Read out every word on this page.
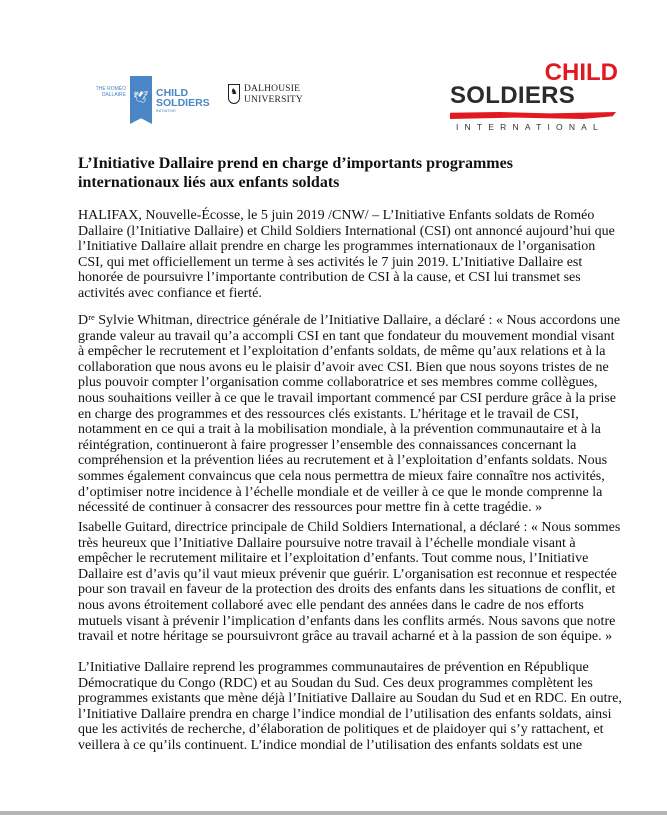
THE ROMÉO DALLAIRE 🕊 CHILD
SOLDIERS
INITIATIVE
♞ DALHOUSIE
UNIVERSITY
CHILD
SOLDIERS
INTERNATIONAL
L’Initiative Dallaire prend en charge d’importants programmes
internationaux liés aux enfants soldats
HALIFAX, Nouvelle-Écosse, le 5 juin 2019 /CNW/ – L’Initiative Enfants soldats de Roméo
Dallaire (l’Initiative Dallaire) et Child Soldiers International (CSI) ont annoncé aujourd’hui que
l’Initiative Dallaire allait prendre en charge les programmes internationaux de l’organisation
CSI, qui met officiellement un terme à ses activités le 7 juin 2019. L’Initiative Dallaire est
honorée de poursuivre l’importante contribution de CSI à la cause, et CSI lui transmet ses
activités avec confiance et fierté.
Dʳᵉ Sylvie Whitman, directrice générale de l’Initiative Dallaire, a déclaré : « Nous accordons une
grande valeur au travail qu’a accompli CSI en tant que fondateur du mouvement mondial visant
à empêcher le recrutement et l’exploitation d’enfants soldats, de même qu’aux relations et à la
collaboration que nous avons eu le plaisir d’avoir avec CSI. Bien que nous soyons tristes de ne
plus pouvoir compter l’organisation comme collaboratrice et ses membres comme collègues,
nous souhaitions veiller à ce que le travail important commencé par CSI perdure grâce à la prise
en charge des programmes et des ressources clés existants. L’héritage et le travail de CSI,
notamment en ce qui a trait à la mobilisation mondiale, à la prévention communautaire et à la
réintégration, continueront à faire progresser l’ensemble des connaissances concernant la
compréhension et la prévention liées au recrutement et à l’exploitation d’enfants soldats. Nous
sommes également convaincus que cela nous permettra de mieux faire connaître nos activités,
d’optimiser notre incidence à l’échelle mondiale et de veiller à ce que le monde comprenne la
nécessité de continuer à consacrer des ressources pour mettre fin à cette tragédie. »
Isabelle Guitard, directrice principale de Child Soldiers International, a déclaré : « Nous sommes
très heureux que l’Initiative Dallaire poursuive notre travail à l’échelle mondiale visant à
empêcher le recrutement militaire et l’exploitation d’enfants. Tout comme nous, l’Initiative
Dallaire est d’avis qu’il vaut mieux prévenir que guérir. L’organisation est reconnue et respectée
pour son travail en faveur de la protection des droits des enfants dans les situations de conflit, et
nous avons étroitement collaboré avec elle pendant des années dans le cadre de nos efforts
mutuels visant à prévenir l’implication d’enfants dans les conflits armés. Nous savons que notre
travail et notre héritage se poursuivront grâce au travail acharné et à la passion de son équipe. »
L’Initiative Dallaire reprend les programmes communautaires de prévention en République
Démocratique du Congo (RDC) et au Soudan du Sud. Ces deux programmes complètent les
programmes existants que mène déjà l’Initiative Dallaire au Soudan du Sud et en RDC. En outre,
l’Initiative Dallaire prendra en charge l’indice mondial de l’utilisation des enfants soldats, ainsi
que les activités de recherche, d’élaboration de politiques et de plaidoyer qui s’y rattachent, et
veillera à ce qu’ils continuent. L’indice mondial de l’utilisation des enfants soldats est une
